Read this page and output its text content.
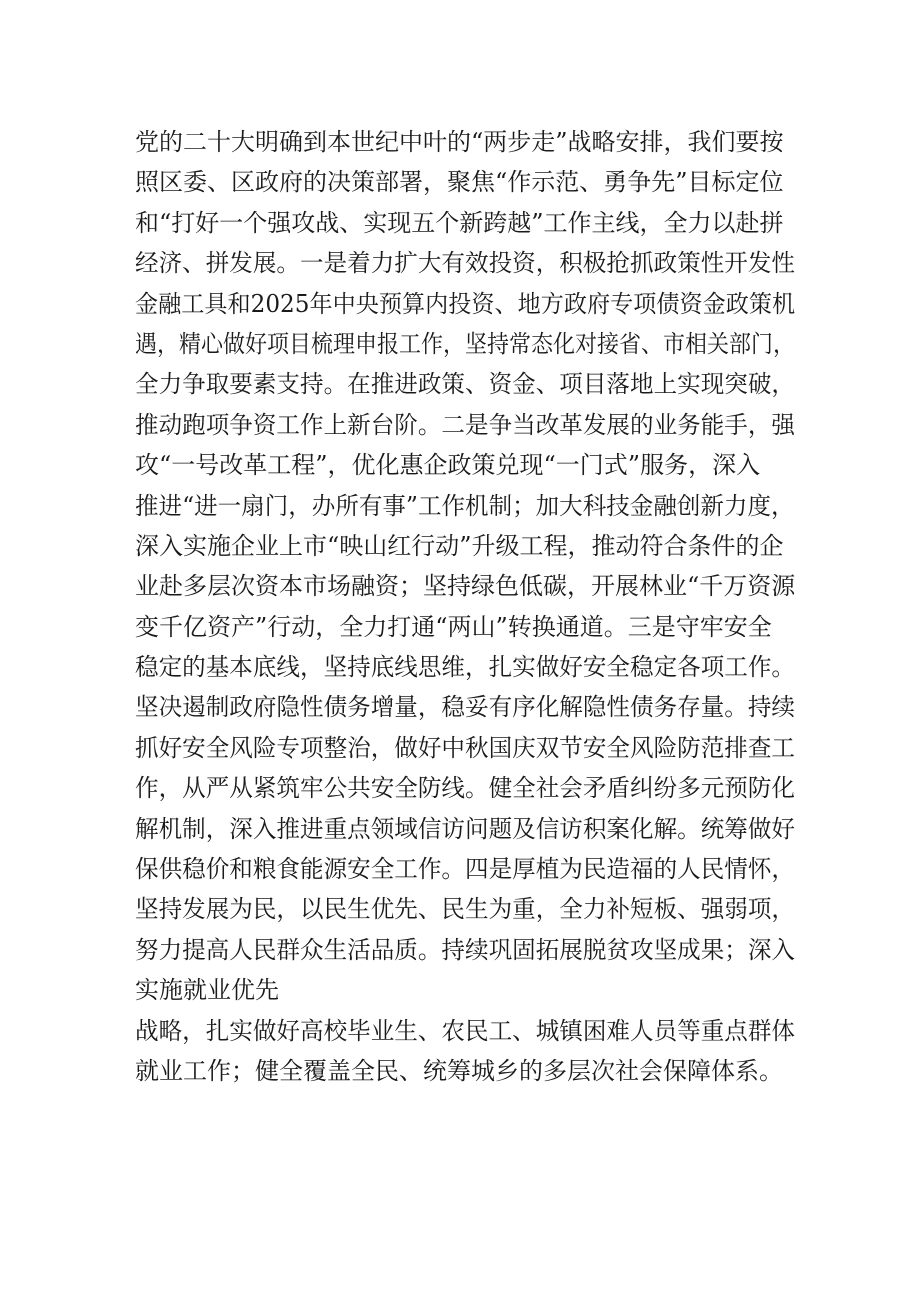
党的二十大明确到本世纪中叶的“两步走”战略安排，我们要按
照区委、区政府的决策部署，聚焦“作示范、勇争先”目标定位
和“打好一个强攻战、实现五个新跨越”工作主线，全力以赴拼
经济、拼发展。一是着力扩大有效投资，积极抢抓政策性开发性
金融工具和2025年中央预算内投资、地方政府专项债资金政策机
遇，精心做好项目梳理申报工作，坚持常态化对接省、市相关部门，
全力争取要素支持。在推进政策、资金、项目落地上实现突破，
推动跑项争资工作上新台阶。二是争当改革发展的业务能手，强
攻“一号改革工程”，优化惠企政策兑现“一门式”服务，深入
推进“进一扇门，办所有事”工作机制；加大科技金融创新力度，
深入实施企业上市“映山红行动”升级工程，推动符合条件的企
业赴多层次资本市场融资；坚持绿色低碳，开展林业“千万资源
变千亿资产”行动，全力打通“两山”转换通道。三是守牢安全
稳定的基本底线，坚持底线思维，扎实做好安全稳定各项工作。
坚决遏制政府隐性债务增量，稳妥有序化解隐性债务存量。持续
抓好安全风险专项整治，做好中秋国庆双节安全风险防范排查工
作，从严从紧筑牢公共安全防线。健全社会矛盾纠纷多元预防化
解机制，深入推进重点领域信访问题及信访积案化解。统筹做好
保供稳价和粮食能源安全工作。四是厚植为民造福的人民情怀，
坚持发展为民，以民生优先、民生为重，全力补短板、强弱项，
努力提高人民群众生活品质。持续巩固拓展脱贫攻坚成果；深入
实施就业优先
战略，扎实做好高校毕业生、农民工、城镇困难人员等重点群体
就业工作；健全覆盖全民、统筹城乡的多层次社会保障体系。
